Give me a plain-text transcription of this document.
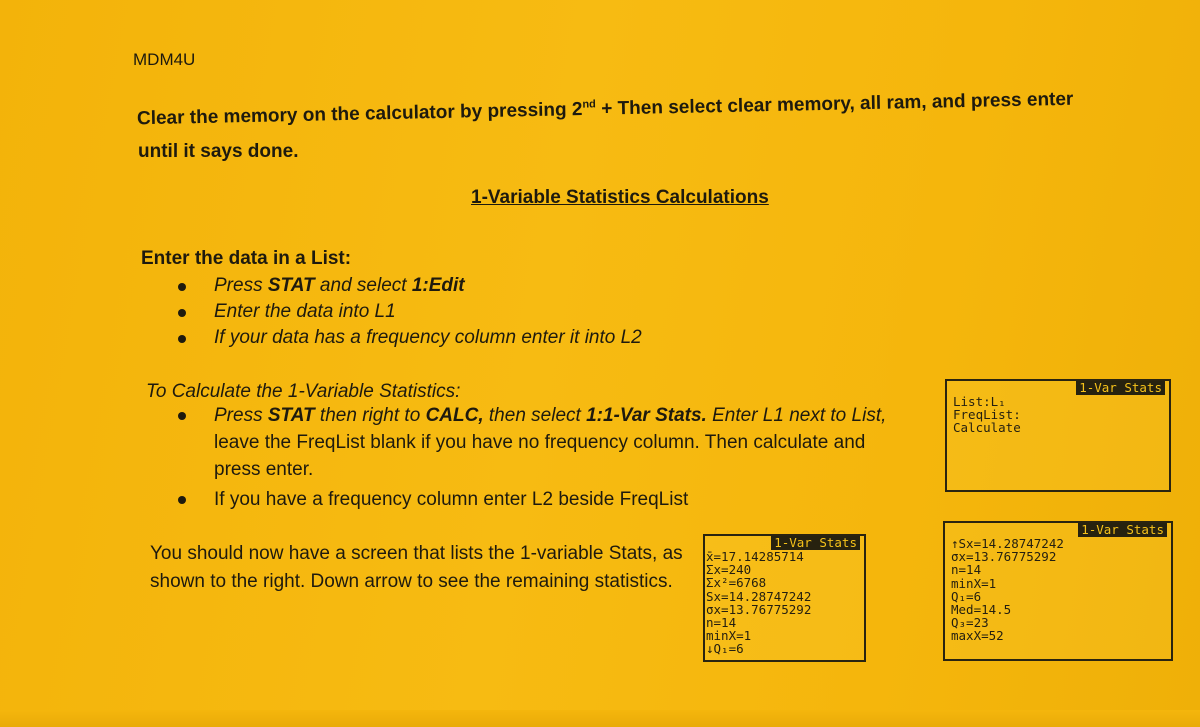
MDM4U
Clear the memory on the calculator by pressing 2nd + Then select clear memory, all ram, and press enter
until it says done.
1-Variable Statistics Calculations
Enter the data in a List:
Press STAT and select 1:Edit
Enter the data into L1
If your data has a frequency column enter it into L2
To Calculate the 1-Variable Statistics:
Press STAT then right to CALC, then select 1:1-Var Stats. Enter L1 next to List, leave the FreqList blank if you have no frequency column. Then calculate and press enter.
If you have a frequency column enter L2 beside FreqList
You should now have a screen that lists the 1-variable Stats, as shown to the right. Down arrow to see the remaining statistics.
1-Var Stats
List:L₁
FreqList:
Calculate
1-Var Stats
x̄=17.14285714
Σx=240
Σx²=6768
Sx=14.28747242
σx=13.76775292
n=14
minX=1
↓Q₁=6
1-Var Stats
↑Sx=14.28747242
σx=13.76775292
n=14
minX=1
Q₁=6
Med=14.5
Q₃=23
maxX=52
